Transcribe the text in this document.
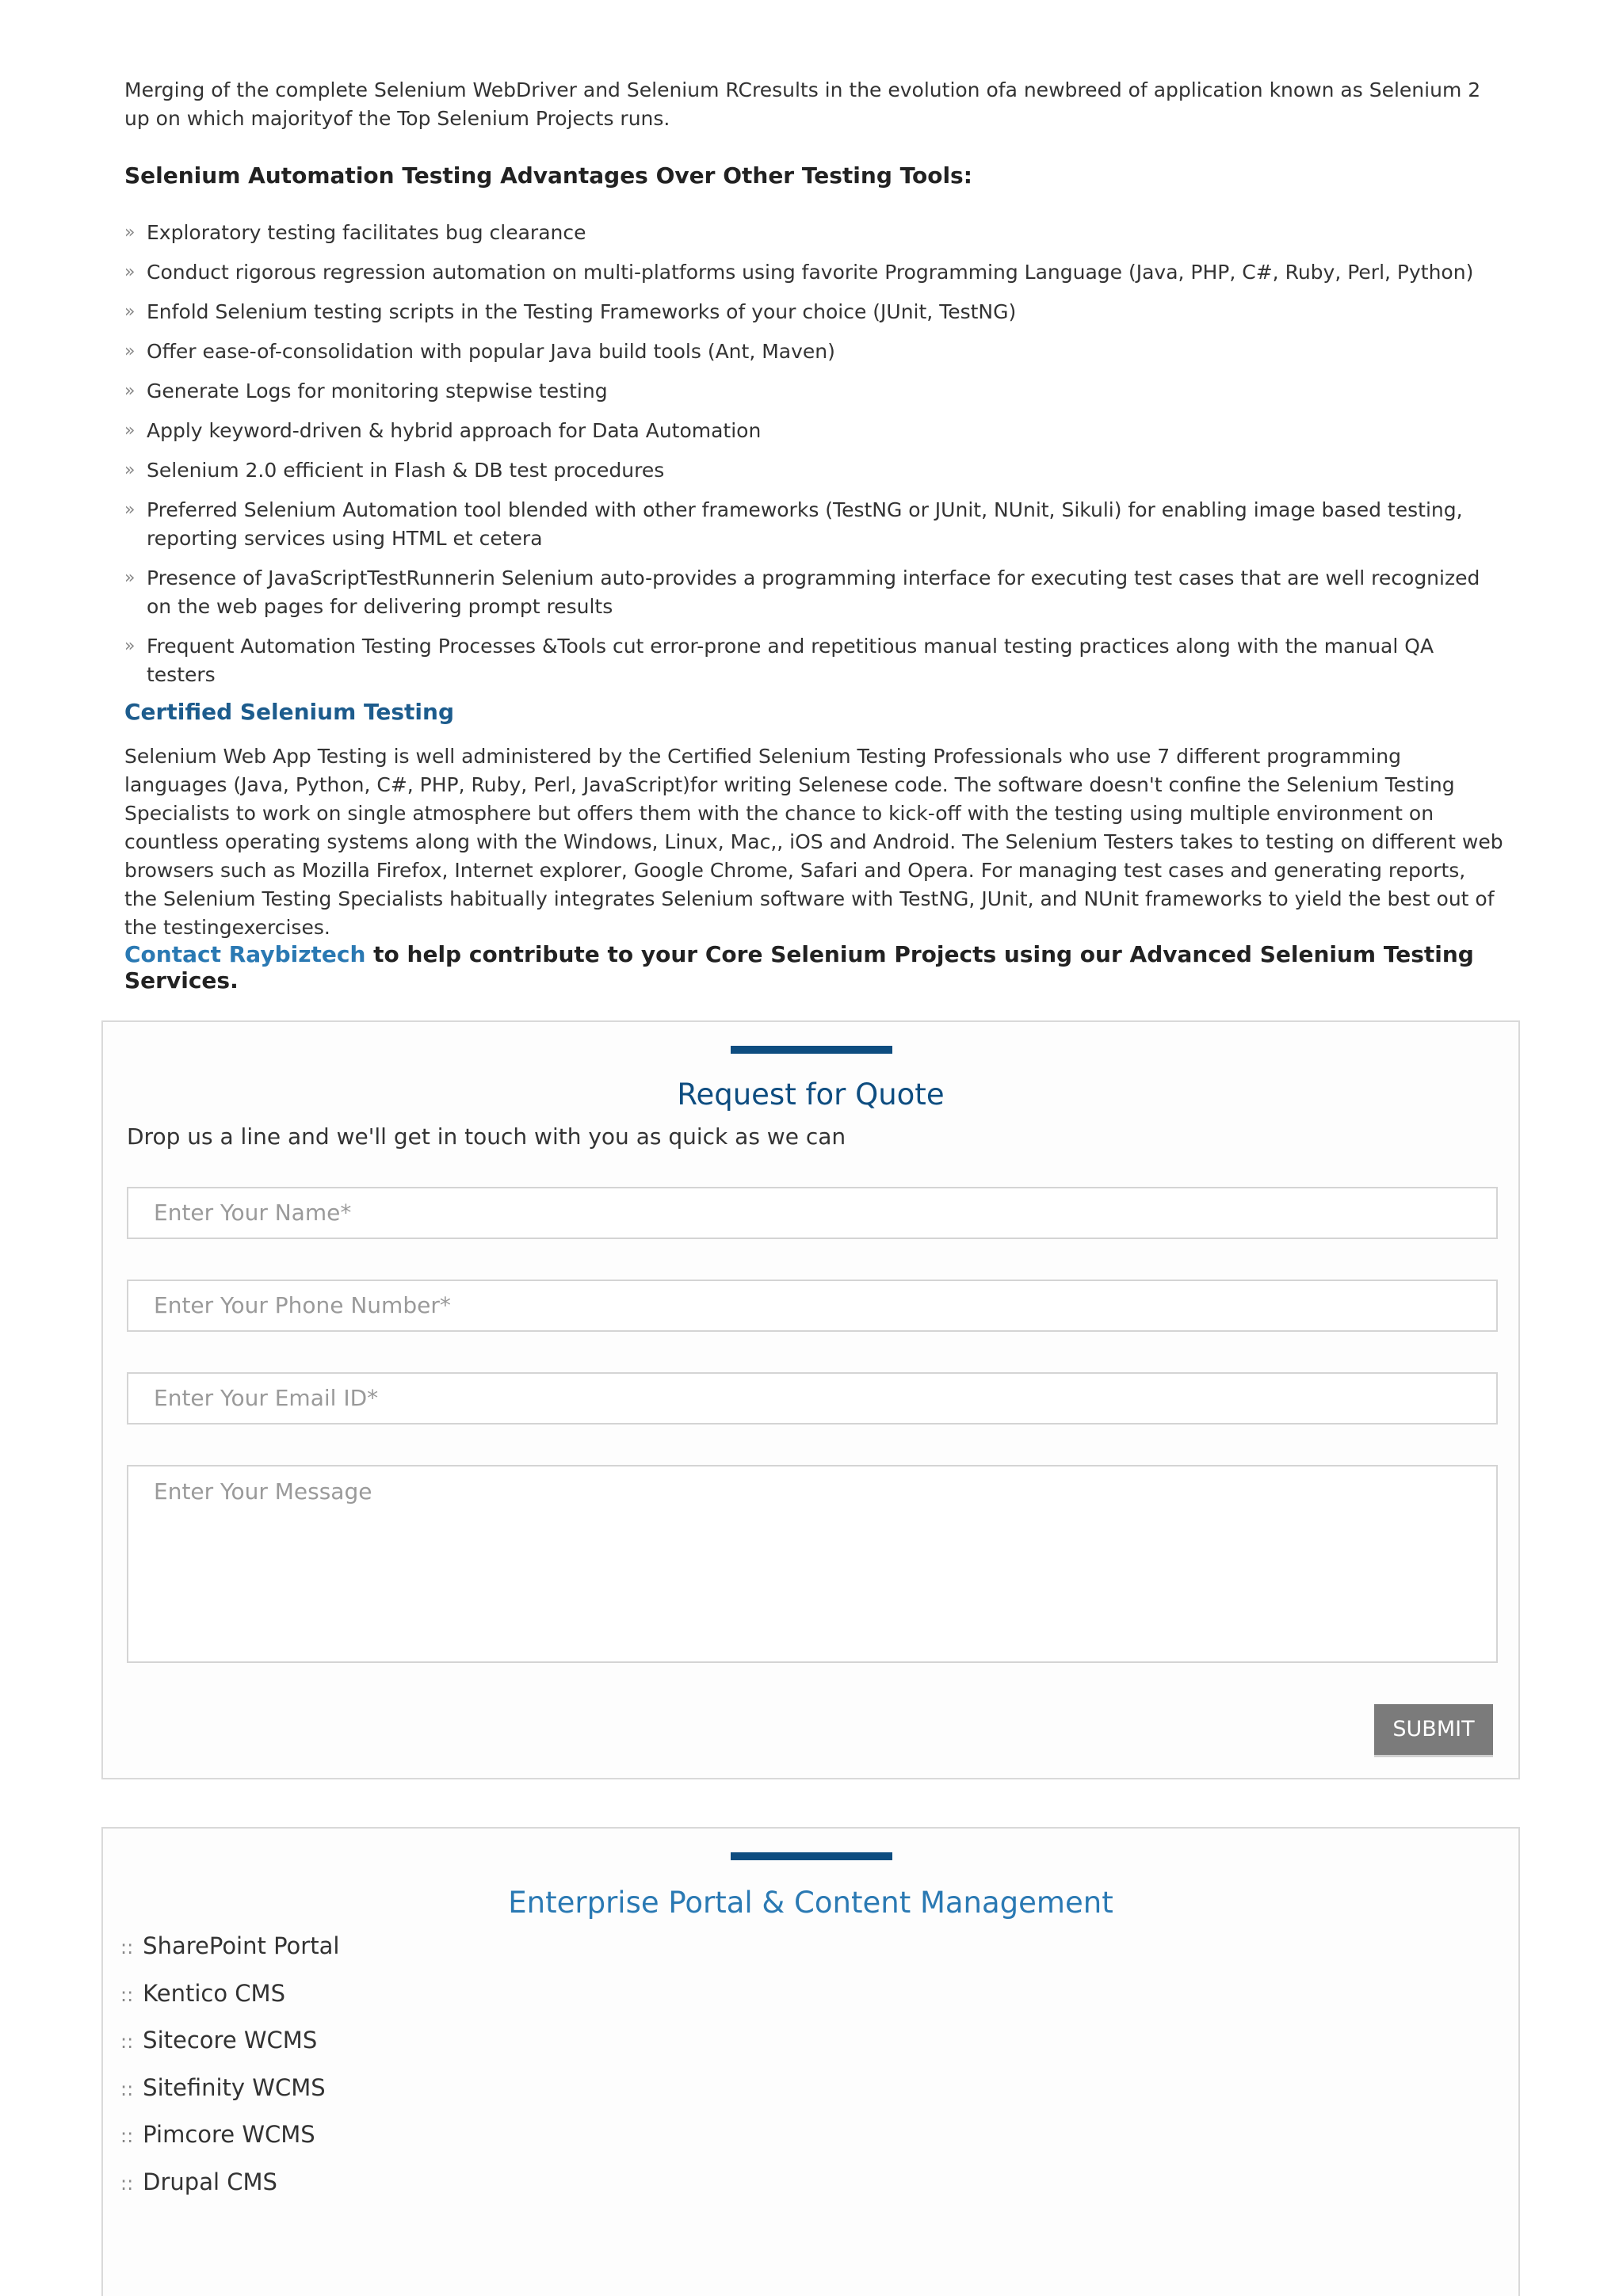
Merging of the complete Selenium WebDriver and Selenium RCresults in the evolution ofa newbreed of application known as Selenium 2 up on which majorityof the Top Selenium Projects runs.

Selenium Automation Testing Advantages Over Other Testing Tools:

» Exploratory testing facilitates bug clearance
» Conduct rigorous regression automation on multi-platforms using favorite Programming Language (Java, PHP, C#, Ruby, Perl, Python)
» Enfold Selenium testing scripts in the Testing Frameworks of your choice (JUnit, TestNG)
» Offer ease-of-consolidation with popular Java build tools (Ant, Maven)
» Generate Logs for monitoring stepwise testing
» Apply keyword-driven & hybrid approach for Data Automation
» Selenium 2.0 efficient in Flash & DB test procedures
» Preferred Selenium Automation tool blended with other frameworks (TestNG or JUnit, NUnit, Sikuli) for enabling image based testing, reporting services using HTML et cetera
» Presence of JavaScriptTestRunnerin Selenium auto-provides a programming interface for executing test cases that are well recognized on the web pages for delivering prompt results
» Frequent Automation Testing Processes &Tools cut error-prone and repetitious manual testing practices along with the manual QA testers

Certified Selenium Testing

Selenium Web App Testing is well administered by the Certified Selenium Testing Professionals who use 7 different programming languages (Java, Python, C#, PHP, Ruby, Perl, JavaScript)for writing Selenese code. The software doesn't confine the Selenium Testing Specialists to work on single atmosphere but offers them with the chance to kick-off with the testing using multiple environment on countless operating systems along with the Windows, Linux, Mac,, iOS and Android. The Selenium Testers takes to testing on different web browsers such as Mozilla Firefox, Internet explorer, Google Chrome, Safari and Opera. For managing test cases and generating reports, the Selenium Testing Specialists habitually integrates Selenium software with TestNG, JUnit, and NUnit frameworks to yield the best out of the testingexercises.

Contact Raybiztech to help contribute to your Core Selenium Projects using our Advanced Selenium Testing Services.

Request for Quote
Drop us a line and we'll get in touch with you as quick as we can
Enter Your Name*
Enter Your Phone Number*
Enter Your Email ID*
Enter Your Message
SUBMIT
Enterprise Portal & Content Management
:: SharePoint Portal
:: Kentico CMS
:: Sitecore WCMS
:: Sitefinity WCMS
:: Pimcore WCMS
:: Drupal CMS
